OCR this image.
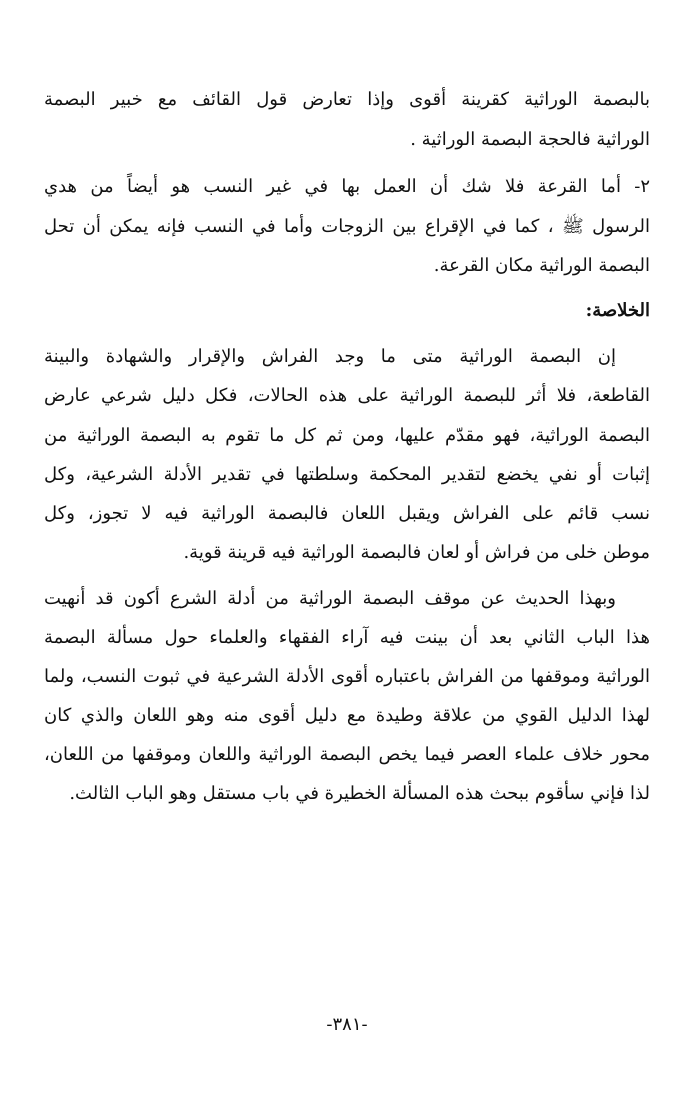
بالبصمة الوراثية كقرينة أقوى وإذا تعارض قول القائف مع خبير البصمة
الوراثية فالحجة البصمة الوراثية .
٢- أما القرعة فلا شك أن العمل بها في غير النسب هو أيضاً من هدي
الرسول ﷺ ، كما في الإقراع بين الزوجات وأما في النسب فإنه يمكن أن تحل
البصمة الوراثية مكان القرعة.
الخلاصة:
إن البصمة الوراثية متى ما وجد الفراش والإقرار والشهادة والبينة
القاطعة، فلا أثر للبصمة الوراثية على هذه الحالات، فكل دليل شرعي عارض
البصمة الوراثية، فهو مقدّم عليها، ومن ثم كل ما تقوم به البصمة الوراثية من
إثبات أو نفي يخضع لتقدير المحكمة وسلطتها في تقدير الأدلة الشرعية، وكل
نسب قائم على الفراش ويقبل اللعان فالبصمة الوراثية فيه لا تجوز، وكل
موطن خلى من فراش أو لعان فالبصمة الوراثية فيه قرينة قوية.
وبهذا الحديث عن موقف البصمة الوراثية من أدلة الشرع أكون قد أنهيت
هذا الباب الثاني بعد أن بينت فيه آراء الفقهاء والعلماء حول مسألة البصمة
الوراثية وموقفها من الفراش باعتباره أقوى الأدلة الشرعية في ثبوت النسب، ولما
لهذا الدليل القوي من علاقة وطيدة مع دليل أقوى منه وهو اللعان والذي كان
محور خلاف علماء العصر فيما يخص البصمة الوراثية واللعان وموقفها من اللعان،
لذا فإني سأقوم ببحث هذه المسألة الخطيرة في باب مستقل وهو الباب الثالث.
-٣٨١-
